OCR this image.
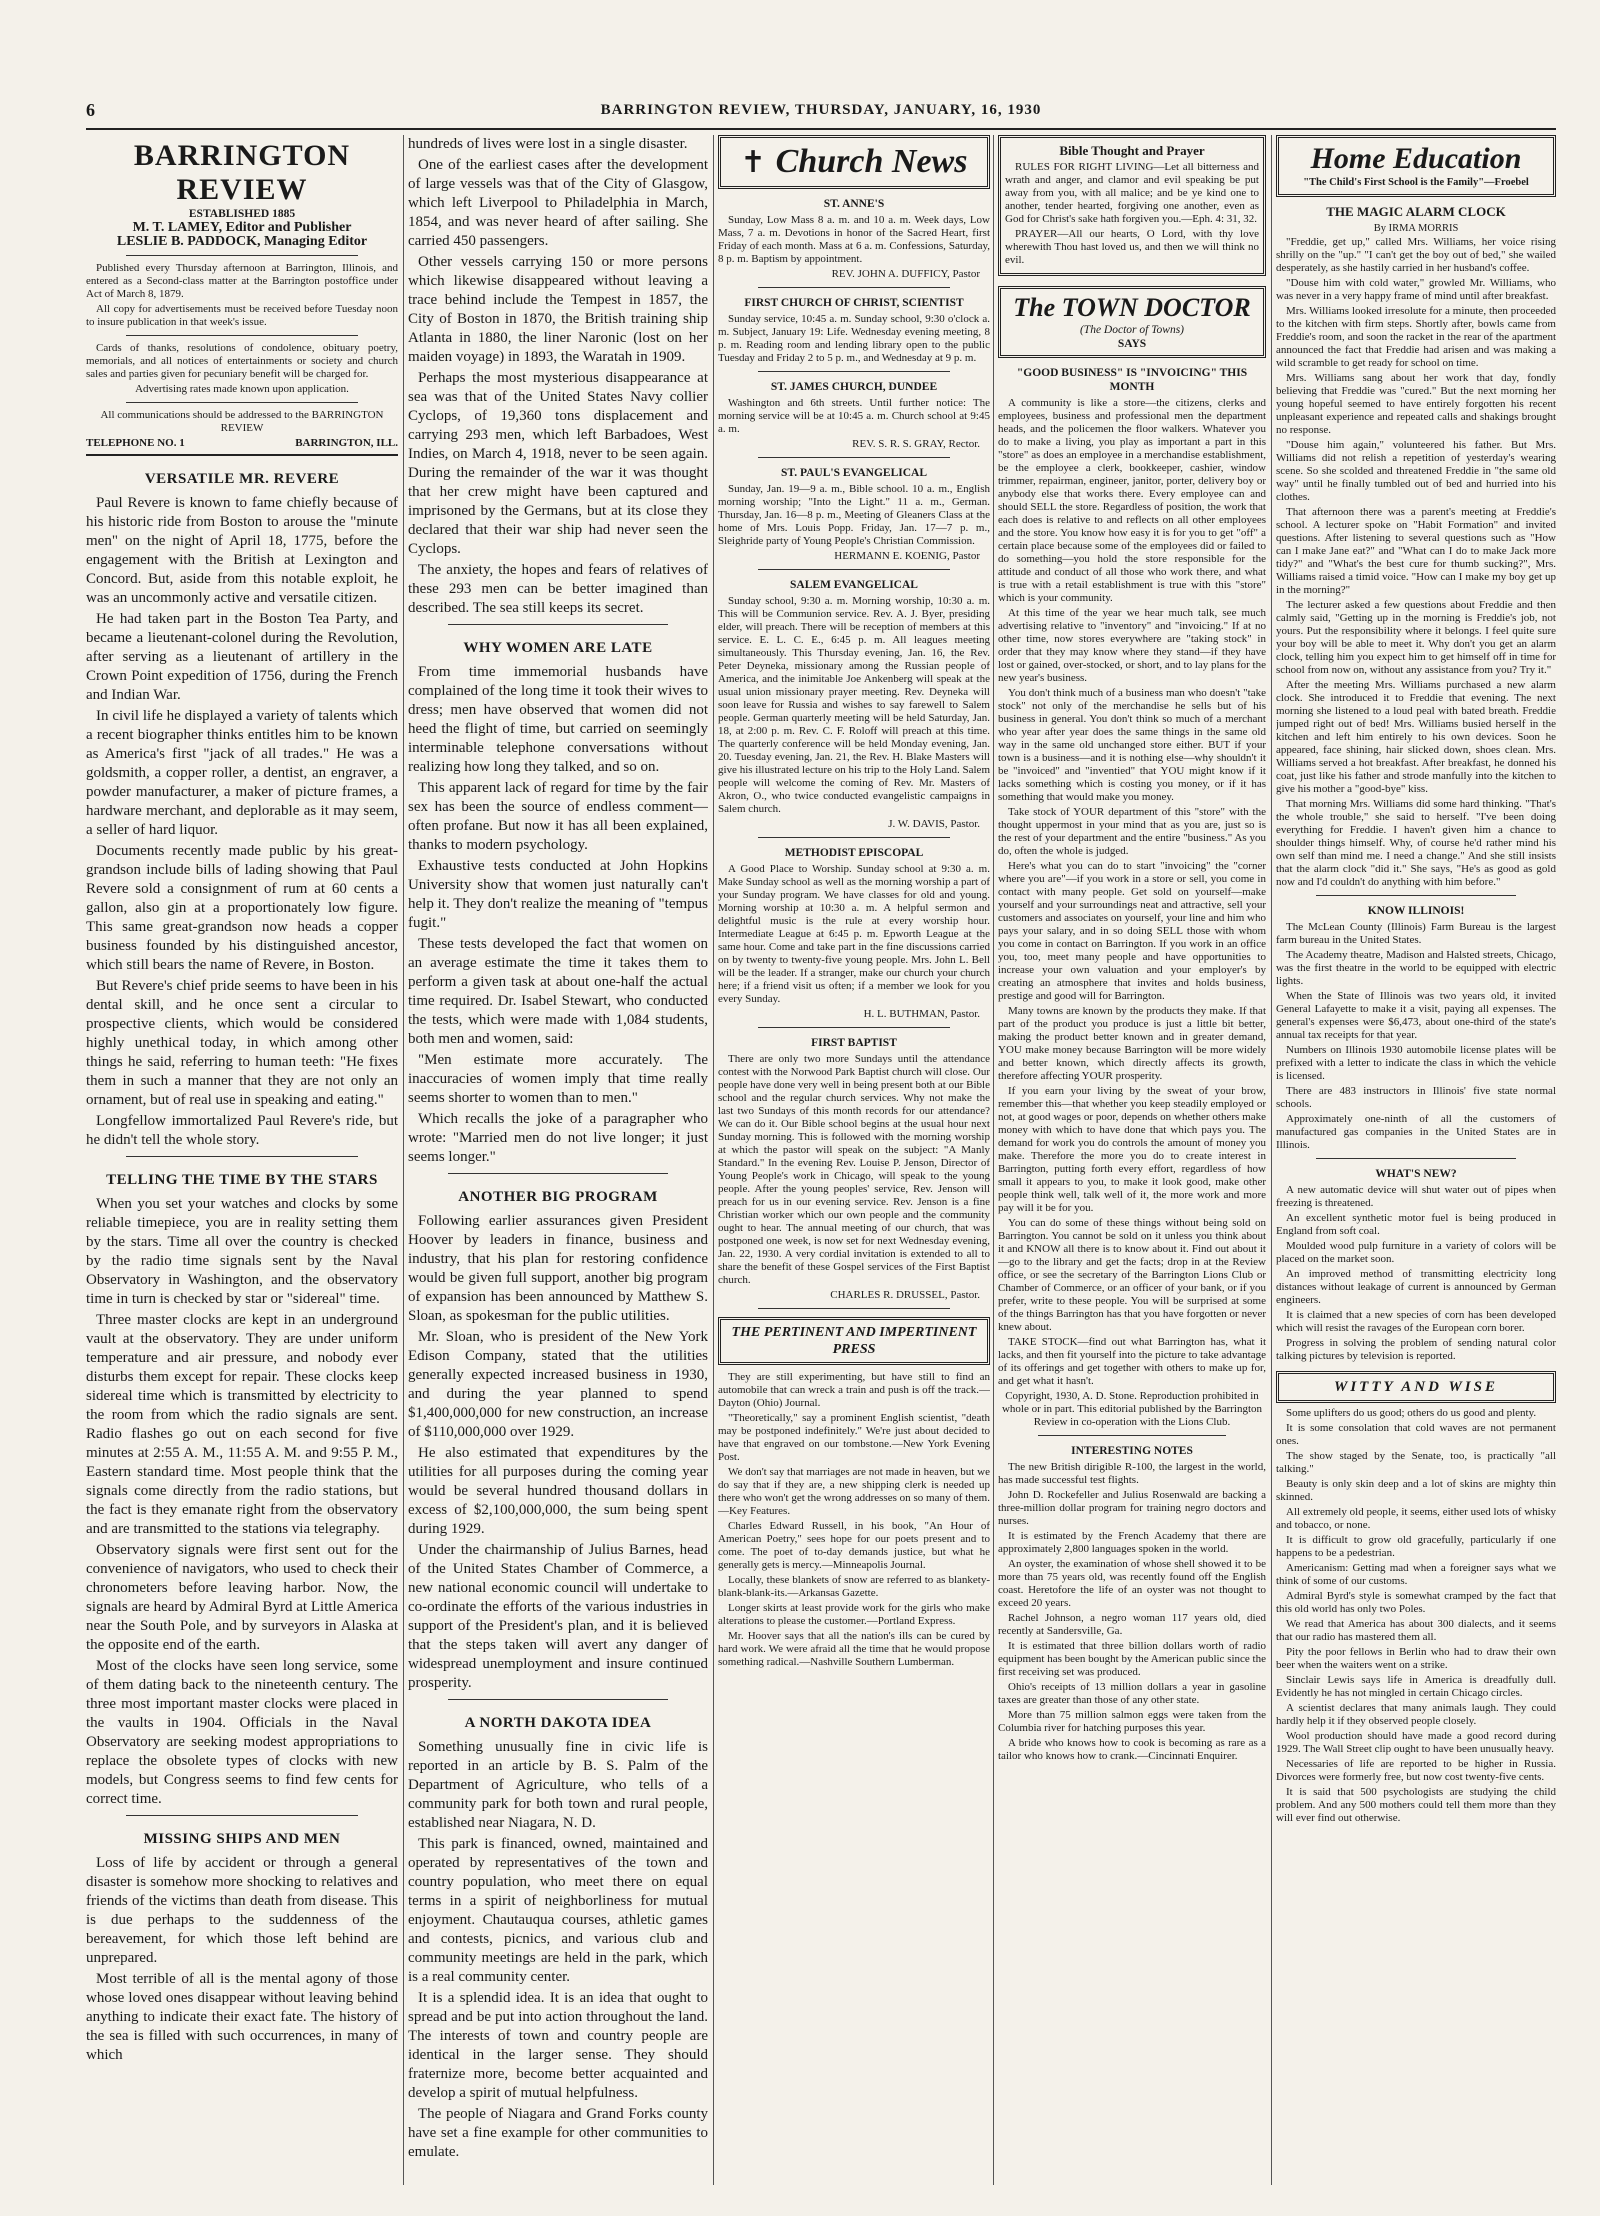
6	BARRINGTON REVIEW, THURSDAY, JANUARY, 16, 1930
BARRINGTON REVIEW
ESTABLISHED 1885
M. T. LAMEY, Editor and Publisher
LESLIE B. PADDOCK, Managing Editor

Published every Thursday afternoon at Barrington, Illinois, and entered as a Second-class matter at the Barrington postoffice under Act of March 8, 1879.

All copy for advertisements must be received before Tuesday noon to insure publication in that week's issue.

Cards of thanks, resolutions of condolence, obituary poetry, memorials, and all notices of entertainments or society and church sales and parties given for pecuniary benefit will be charged for.

Advertising rates made known upon application.

All communications should be addressed to the BARRINGTON REVIEW

TELEPHONE NO. 1	BARRINGTON, ILL.
VERSATILE MR. REVERE

Paul Revere is known to fame chiefly because of his historic ride from Boston to arouse the "minute men" on the night of April 18, 1775, before the engagement with the British at Lexington and Concord. But, aside from this notable exploit, he was an uncommonly active and versatile citizen.

He had taken part in the Boston Tea Party, and became a lieutenant-colonel during the Revolution, after serving as a lieutenant of artillery in the Crown Point expedition of 1756, during the French and Indian War.

In civil life he displayed a variety of talents which a recent biographer thinks entitles him to be known as America's first "jack of all trades." He was a goldsmith, a copper roller, a dentist, an engraver, a powder manufacturer, a maker of picture frames, a hardware merchant, and deplorable as it may seem, a seller of hard liquor.

Documents recently made public by his great-grandson include bills of lading showing that Paul Revere sold a consignment of rum at 60 cents a gallon, also gin at a proportionately low figure. This same great-grandson now heads a copper business founded by his distinguished ancestor, which still bears the name of Revere, in Boston.

But Revere's chief pride seems to have been in his dental skill, and he once sent a circular to prospective clients, which would be considered highly unethical today, in which among other things he said, referring to human teeth: "He fixes them in such a manner that they are not only an ornament, but of real use in speaking and eating."

Longfellow immortalized Paul Revere's ride, but he didn't tell the whole story.

TELLING THE TIME BY THE STARS

When you set your watches and clocks by some reliable timepiece, you are in reality setting them by the stars. Time all over the country is checked by the radio time signals sent by the Naval Observatory in Washington, and the observatory time in turn is checked by star or "sidereal" time.

Three master clocks are kept in an underground vault at the observatory. They are under uniform temperature and air pressure, and nobody ever disturbs them except for repair. These clocks keep sidereal time which is transmitted by electricity to the room from which the radio signals are sent. Radio flashes go out on each second for five minutes at 2:55 A. M., 11:55 A. M. and 9:55 P. M., Eastern standard time. Most people think that the signals come directly from the radio stations, but the fact is they emanate right from the observatory and are transmitted to the stations via telegraphy.

Observatory signals were first sent out for the convenience of navigators, who used to check their chronometers before leaving harbor. Now, the signals are heard by Admiral Byrd at Little America near the South Pole, and by surveyors in Alaska at the opposite end of the earth.

Most of the clocks have seen long service, some of them dating back to the nineteenth century. The three most important master clocks were placed in the vaults in 1904. Officials in the Naval Observatory are seeking modest appropriations to replace the obsolete types of clocks with new models, but Congress seems to find few cents for correct time.

MISSING SHIPS AND MEN

Loss of life by accident or through a general disaster is somehow more shocking to relatives and friends of the victims than death from disease. This is due perhaps to the suddenness of the bereavement, for which those left behind are unprepared.

Most terrible of all is the mental agony of those whose loved ones disappear without leaving behind anything to indicate their exact fate. The history of the sea is filled with such occurrences, in many of which

hundreds of lives were lost in a single disaster.

One of the earliest cases after the development of large vessels was that of the City of Glasgow, which left Liverpool to Philadelphia in March, 1854, and was never heard of after sailing. She carried 450 passengers.

Other vessels carrying 150 or more persons which likewise disappeared without leaving a trace behind include the Tempest in 1857, the City of Boston in 1870, the British training ship Atlanta in 1880, the liner Naronic (lost on her maiden voyage) in 1893, the Waratah in 1909.

Perhaps the most mysterious disappearance at sea was that of the United States Navy collier Cyclops, of 19,360 tons displacement and carrying 293 men, which left Barbadoes, West Indies, on March 4, 1918, never to be seen again. During the remainder of the war it was thought that her crew might have been captured and imprisoned by the Germans, but at its close they declared that their war ship had never seen the Cyclops.

The anxiety, the hopes and fears of relatives of these 293 men can be better imagined than described. The sea still keeps its secret.

WHY WOMEN ARE LATE

From time immemorial husbands have complained of the long time it took their wives to dress; men have observed that women did not heed the flight of time, but carried on seemingly interminable telephone conversations without realizing how long they talked, and so on.

This apparent lack of regard for time by the fair sex has been the source of endless comment—often profane. But now it has all been explained, thanks to modern psychology.

Exhaustive tests conducted at John Hopkins University show that women just naturally can't help it. They don't realize the meaning of "tempus fugit."

These tests developed the fact that women on an average estimate the time it takes them to perform a given task at about one-half the actual time required. Dr. Isabel Stewart, who conducted the tests, which were made with 1,084 students, both men and women, said:

"Men estimate more accurately. The inaccuracies of women imply that time really seems shorter to women than to men."

Which recalls the joke of a paragrapher who wrote: "Married men do not live longer; it just seems longer."

ANOTHER BIG PROGRAM

Following earlier assurances given President Hoover by leaders in finance, business and industry, that his plan for restoring confidence would be given full support, another big program of expansion has been announced by Matthew S. Sloan, as spokesman for the public utilities.

Mr. Sloan, who is president of the New York Edison Company, stated that the utilities generally expected increased business in 1930, and during the year planned to spend $1,400,000,000 for new construction, an increase of $110,000,000 over 1929.

He also estimated that expenditures by the utilities for all purposes during the coming year would be several hundred thousand dollars in excess of $2,100,000,000, the sum being spent during 1929.

Under the chairmanship of Julius Barnes, head of the United States Chamber of Commerce, a new national economic council will undertake to co-ordinate the efforts of the various industries in support of the President's plan, and it is believed that the steps taken will avert any danger of widespread unemployment and insure continued prosperity.

A NORTH DAKOTA IDEA

Something unusually fine in civic life is reported in an article by B. S. Palm of the Department of Agriculture, who tells of a community park for both town and rural people, established near Niagara, N. D.

This park is financed, owned, maintained and operated by representatives of the town and country population, who meet there on equal terms in a spirit of neighborliness for mutual enjoyment. Chautauqua courses, athletic games and contests, picnics, and various club and community meetings are held in the park, which is a real community center.

It is a splendid idea. It is an idea that ought to spread and be put into action throughout the land. The interests of town and country people are identical in the larger sense. They should fraternize more, become better acquainted and develop a spirit of mutual helpfulness.

The people of Niagara and Grand Forks county have set a fine example for other communities to emulate.

✝ Church News
ST. ANNE'S

Sunday, Low Mass 8 a. m. and 10 a. m. Week days, Low Mass, 7 a. m. Devotions in honor of the Sacred Heart, first Friday of each month. Mass at 6 a. m. Confessions, Saturday, 8 p. m. Baptism by appointment.

REV. JOHN A. DUFFICY, Pastor
FIRST CHURCH OF CHRIST, SCIENTIST

Sunday service, 10:45 a. m. Sunday school, 9:30 o'clock a. m. Subject, January 19: Life. Wednesday evening meeting, 8 p. m. Reading room and lending library open to the public Tuesday and Friday 2 to 5 p. m., and Wednesday at 9 p. m.

ST. JAMES CHURCH, DUNDEE

Washington and 6th streets. Until further notice: The morning service will be at 10:45 a. m. Church school at 9:45 a. m.

REV. S. R. S. GRAY, Rector.
ST. PAUL'S EVANGELICAL

Sunday, Jan. 19—9 a. m., Bible school. 10 a. m., English morning worship; "Into the Light." 11 a. m., German. Thursday, Jan. 16—8 p. m., Meeting of Gleaners Class at the home of Mrs. Louis Popp. Friday, Jan. 17—7 p. m., Sleighride party of Young People's Christian Commission.

HERMANN E. KOENIG, Pastor
SALEM EVANGELICAL

Sunday school, 9:30 a. m. Morning worship, 10:30 a. m. This will be Communion service. Rev. A. J. Byer, presiding elder, will preach. There will be reception of members at this service. E. L. C. E., 6:45 p. m. All leagues meeting simultaneously. This Thursday evening, Jan. 16, the Rev. Peter Deyneka, missionary among the Russian people of America, and the inimitable Joe Ankenberg will speak at the usual union missionary prayer meeting. Rev. Deyneka will soon leave for Russia and wishes to say farewell to Salem people. German quarterly meeting will be held Saturday, Jan. 18, at 2:00 p. m. Rev. C. F. Roloff will preach at this time. The quarterly conference will be held Monday evening, Jan. 20. Tuesday evening, Jan. 21, the Rev. H. Blake Masters will give his illustrated lecture on his trip to the Holy Land. Salem people will welcome the coming of Rev. Mr. Masters of Akron, O., who twice conducted evangelistic campaigns in Salem church.

J. W. DAVIS, Pastor.
METHODIST EPISCOPAL

A Good Place to Worship. Sunday school at 9:30 a. m. Make Sunday school as well as the morning worship a part of your Sunday program. We have classes for old and young. Morning worship at 10:30 a. m. A helpful sermon and delightful music is the rule at every worship hour. Intermediate League at 6:45 p. m. Epworth League at the same hour. Come and take part in the fine discussions carried on by twenty to twenty-five young people. Mrs. John L. Bell will be the leader. If a stranger, make our church your church here; if a friend visit us often; if a member we look for you every Sunday.

H. L. BUTHMAN, Pastor.
FIRST BAPTIST

There are only two more Sundays until the attendance contest with the Norwood Park Baptist church will close. Our people have done very well in being present both at our Bible school and the regular church services. Why not make the last two Sundays of this month records for our attendance? We can do it. Our Bible school begins at the usual hour next Sunday morning. This is followed with the morning worship at which the pastor will speak on the subject: "A Manly Standard." In the evening Rev. Louise P. Jenson, Director of Young People's work in Chicago, will speak to the young people. After the young peoples' service, Rev. Jenson will preach for us in our evening service. Rev. Jenson is a fine Christian worker which our own people and the community ought to hear. The annual meeting of our church, that was postponed one week, is now set for next Wednesday evening, Jan. 22, 1930. A very cordial invitation is extended to all to share the benefit of these Gospel services of the First Baptist church.

CHARLES R. DRUSSEL, Pastor.
THE PERTINENT AND IMPERTINENT PRESS

They are still experimenting, but have still to find an automobile that can wreck a train and push is off the track.—Dayton (Ohio) Journal.

"Theoretically," say a prominent English scientist, "death may be postponed indefinitely." We're just about decided to have that engraved on our tombstone.—New York Evening Post.

We don't say that marriages are not made in heaven, but we do say that if they are, a new shipping clerk is needed up there who won't get the wrong addresses on so many of them.—Key Features.

Charles Edward Russell, in his book, "An Hour of American Poetry," sees hope for our poets present and to come. The poet of to-day demands justice, but what he generally gets is mercy.—Minneapolis Journal.

Locally, these blankets of snow are referred to as blankety-blank-blank-its.—Arkansas Gazette.

Longer skirts at least provide work for the girls who make alterations to please the customer.—Portland Express.

Mr. Hoover says that all the nation's ills can be cured by hard work. We were afraid all the time that he would propose something radical.—Nashville Southern Lumberman.

Bible Thought and Prayer

RULES FOR RIGHT LIVING—Let all bitterness and wrath and anger, and clamor and evil speaking be put away from you, with all malice; and be ye kind one to another, tender hearted, forgiving one another, even as God for Christ's sake hath forgiven you.—Eph. 4: 31, 32.

PRAYER—All our hearts, O Lord, with thy love wherewith Thou hast loved us, and then we will think no evil.

The TOWN DOCTOR
(The Doctor of Towns)
SAYS
"GOOD BUSINESS" IS "INVOICING" THIS MONTH

A community is like a store—the citizens, clerks and employees, business and professional men the department heads, and the policemen the floor walkers. Whatever you do to make a living, you play as important a part in this "store" as does an employee in a merchandise establishment, be the employee a clerk, bookkeeper, cashier, window trimmer, repairman, engineer, janitor, porter, delivery boy or anybody else that works there. Every employee can and should SELL the store. Regardless of position, the work that each does is relative to and reflects on all other employees and the store. You know how easy it is for you to get "off" a certain place because some of the employees did or failed to do something—you hold the store responsible for the attitude and conduct of all those who work there, and what is true with a retail establishment is true with this "store" which is your community.

At this time of the year we hear much talk, see much advertising relative to "inventory" and "invoicing." If at no other time, now stores everywhere are "taking stock" in order that they may know where they stand—if they have lost or gained, over-stocked, or short, and to lay plans for the new year's business.

You don't think much of a business man who doesn't "take stock" not only of the merchandise he sells but of his business in general. You don't think so much of a merchant who year after year does the same things in the same old way in the same old unchanged store either. BUT if your town is a business—and it is nothing else—why shouldn't it be "invoiced" and "inventied" that YOU might know if it lacks something which is costing you money, or if it has something that would make you money.

Take stock of YOUR department of this "store" with the thought uppermost in your mind that as you are, just so is the rest of your department and the entire "business." As you do, often the whole is judged.

Here's what you can do to start "invoicing" the "corner where you are"—if you work in a store or sell, you come in contact with many people. Get sold on yourself—make yourself and your surroundings neat and attractive, sell your customers and associates on yourself, your line and him who pays your salary, and in so doing SELL those with whom you come in contact on Barrington. If you work in an office you, too, meet many people and have opportunities to increase your own valuation and your employer's by creating an atmosphere that invites and holds business, prestige and good will for Barrington.

Many towns are known by the products they make. If that part of the product you produce is just a little bit better, making the product better known and in greater demand, YOU make money because Barrington will be more widely and better known, which directly affects its growth, therefore affecting YOUR prosperity.

If you earn your living by the sweat of your brow, remember this—that whether you keep steadily employed or not, at good wages or poor, depends on whether others make money with which to have done that which pays you. The demand for work you do controls the amount of money you make. Therefore the more you do to create interest in Barrington, putting forth every effort, regardless of how small it appears to you, to make it look good, make other people think well, talk well of it, the more work and more pay will it be for you.

You can do some of these things without being sold on Barrington. You cannot be sold on it unless you think about it and KNOW all there is to know about it. Find out about it—go to the library and get the facts; drop in at the Review office, or see the secretary of the Barrington Lions Club or Chamber of Commerce, or an officer of your bank, or if you prefer, write to these people. You will be surprised at some of the things Barrington has that you have forgotten or never knew about.

TAKE STOCK—find out what Barrington has, what it lacks, and then fit yourself into the picture to take advantage of its offerings and get together with others to make up for, and get what it hasn't.

Copyright, 1930, A. D. Stone. Reproduction prohibited in whole or in part. This editorial published by the Barrington Review in co-operation with the Lions Club.

INTERESTING NOTES

The new British dirigible R-100, the largest in the world, has made successful test flights.

John D. Rockefeller and Julius Rosenwald are backing a three-million dollar program for training negro doctors and nurses.

It is estimated by the French Academy that there are approximately 2,800 languages spoken in the world.

An oyster, the examination of whose shell showed it to be more than 75 years old, was recently found off the English coast. Heretofore the life of an oyster was not thought to exceed 20 years.

Rachel Johnson, a negro woman 117 years old, died recently at Sandersville, Ga.

It is estimated that three billion dollars worth of radio equipment has been bought by the American public since the first receiving set was produced.

Ohio's receipts of 13 million dollars a year in gasoline taxes are greater than those of any other state.

More than 75 million salmon eggs were taken from the Columbia river for hatching purposes this year.

A bride who knows how to cook is becoming as rare as a tailor who knows how to crank.—Cincinnati Enquirer.

Home Education
"The Child's First School is the Family"—Froebel
THE MAGIC ALARM CLOCK
By IRMA MORRIS

"Freddie, get up," called Mrs. Williams, her voice rising shrilly on the "up." "I can't get the boy out of bed," she wailed desperately, as she hastily carried in her husband's coffee.

"Douse him with cold water," growled Mr. Williams, who was never in a very happy frame of mind until after breakfast.

Mrs. Williams looked irresolute for a minute, then proceeded to the kitchen with firm steps. Shortly after, bowls came from Freddie's room, and soon the racket in the rear of the apartment announced the fact that Freddie had arisen and was making a wild scramble to get ready for school on time.

Mrs. Williams sang about her work that day, fondly believing that Freddie was "cured." But the next morning her young hopeful seemed to have entirely forgotten his recent unpleasant experience and repeated calls and shakings brought no response.

"Douse him again," volunteered his father. But Mrs. Williams did not relish a repetition of yesterday's wearing scene. So she scolded and threatened Freddie in "the same old way" until he finally tumbled out of bed and hurried into his clothes.

That afternoon there was a parent's meeting at Freddie's school. A lecturer spoke on "Habit Formation" and invited questions. After listening to several questions such as "How can I make Jane eat?" and "What can I do to make Jack more tidy?" and "What's the best cure for thumb sucking?", Mrs. Williams raised a timid voice. "How can I make my boy get up in the morning?"

The lecturer asked a few questions about Freddie and then calmly said, "Getting up in the morning is Freddie's job, not yours. Put the responsibility where it belongs. I feel quite sure your boy will be able to meet it. Why don't you get an alarm clock, telling him you expect him to get himself off in time for school from now on, without any assistance from you? Try it."

After the meeting Mrs. Williams purchased a new alarm clock. She introduced it to Freddie that evening. The next morning she listened to a loud peal with bated breath. Freddie jumped right out of bed! Mrs. Williams busied herself in the kitchen and left him entirely to his own devices. Soon he appeared, face shining, hair slicked down, shoes clean. Mrs. Williams served a hot breakfast. After breakfast, he donned his coat, just like his father and strode manfully into the kitchen to give his mother a "good-bye" kiss.

That morning Mrs. Williams did some hard thinking. "That's the whole trouble," she said to herself. "I've been doing everything for Freddie. I haven't given him a chance to shoulder things himself. Why, of course he'd rather mind his own self than mind me. I need a change." And she still insists that the alarm clock "did it." She says, "He's as good as gold now and I'd couldn't do anything with him before."

KNOW ILLINOIS!

The McLean County (Illinois) Farm Bureau is the largest farm bureau in the United States.

The Academy theatre, Madison and Halsted streets, Chicago, was the first theatre in the world to be equipped with electric lights.

When the State of Illinois was two years old, it invited General Lafayette to make it a visit, paying all expenses. The general's expenses were $6,473, about one-third of the state's annual tax receipts for that year.

Numbers on Illinois 1930 automobile license plates will be prefixed with a letter to indicate the class in which the vehicle is licensed.

There are 483 instructors in Illinois' five state normal schools.

Approximately one-ninth of all the customers of manufactured gas companies in the United States are in Illinois.

WHAT'S NEW?

A new automatic device will shut water out of pipes when freezing is threatened.

An excellent synthetic motor fuel is being produced in England from soft coal.

Moulded wood pulp furniture in a variety of colors will be placed on the market soon.

An improved method of transmitting electricity long distances without leakage of current is announced by German engineers.

It is claimed that a new species of corn has been developed which will resist the ravages of the European corn borer.

Progress in solving the problem of sending natural color talking pictures by television is reported.

WITTY AND WISE

Some uplifters do us good; others do us good and plenty.

It is some consolation that cold waves are not permanent ones.

The show staged by the Senate, too, is practically "all talking."

Beauty is only skin deep and a lot of skins are mighty thin skinned.

All extremely old people, it seems, either used lots of whisky and tobacco, or none.

It is difficult to grow old gracefully, particularly if one happens to be a pedestrian.

Americanism: Getting mad when a foreigner says what we think of some of our customs.

Admiral Byrd's style is somewhat cramped by the fact that this old world has only two Poles.

We read that America has about 300 dialects, and it seems that our radio has mastered them all.

Pity the poor fellows in Berlin who had to draw their own beer when the waiters went on a strike.

Sinclair Lewis says life in America is dreadfully dull. Evidently he has not mingled in certain Chicago circles.

A scientist declares that many animals laugh. They could hardly help it if they observed people closely.

Wool production should have made a good record during 1929. The Wall Street clip ought to have been unusually heavy.

Necessaries of life are reported to be higher in Russia. Divorces were formerly free, but now cost twenty-five cents.

It is said that 500 psychologists are studying the child problem. And any 500 mothers could tell them more than they will ever find out otherwise.
